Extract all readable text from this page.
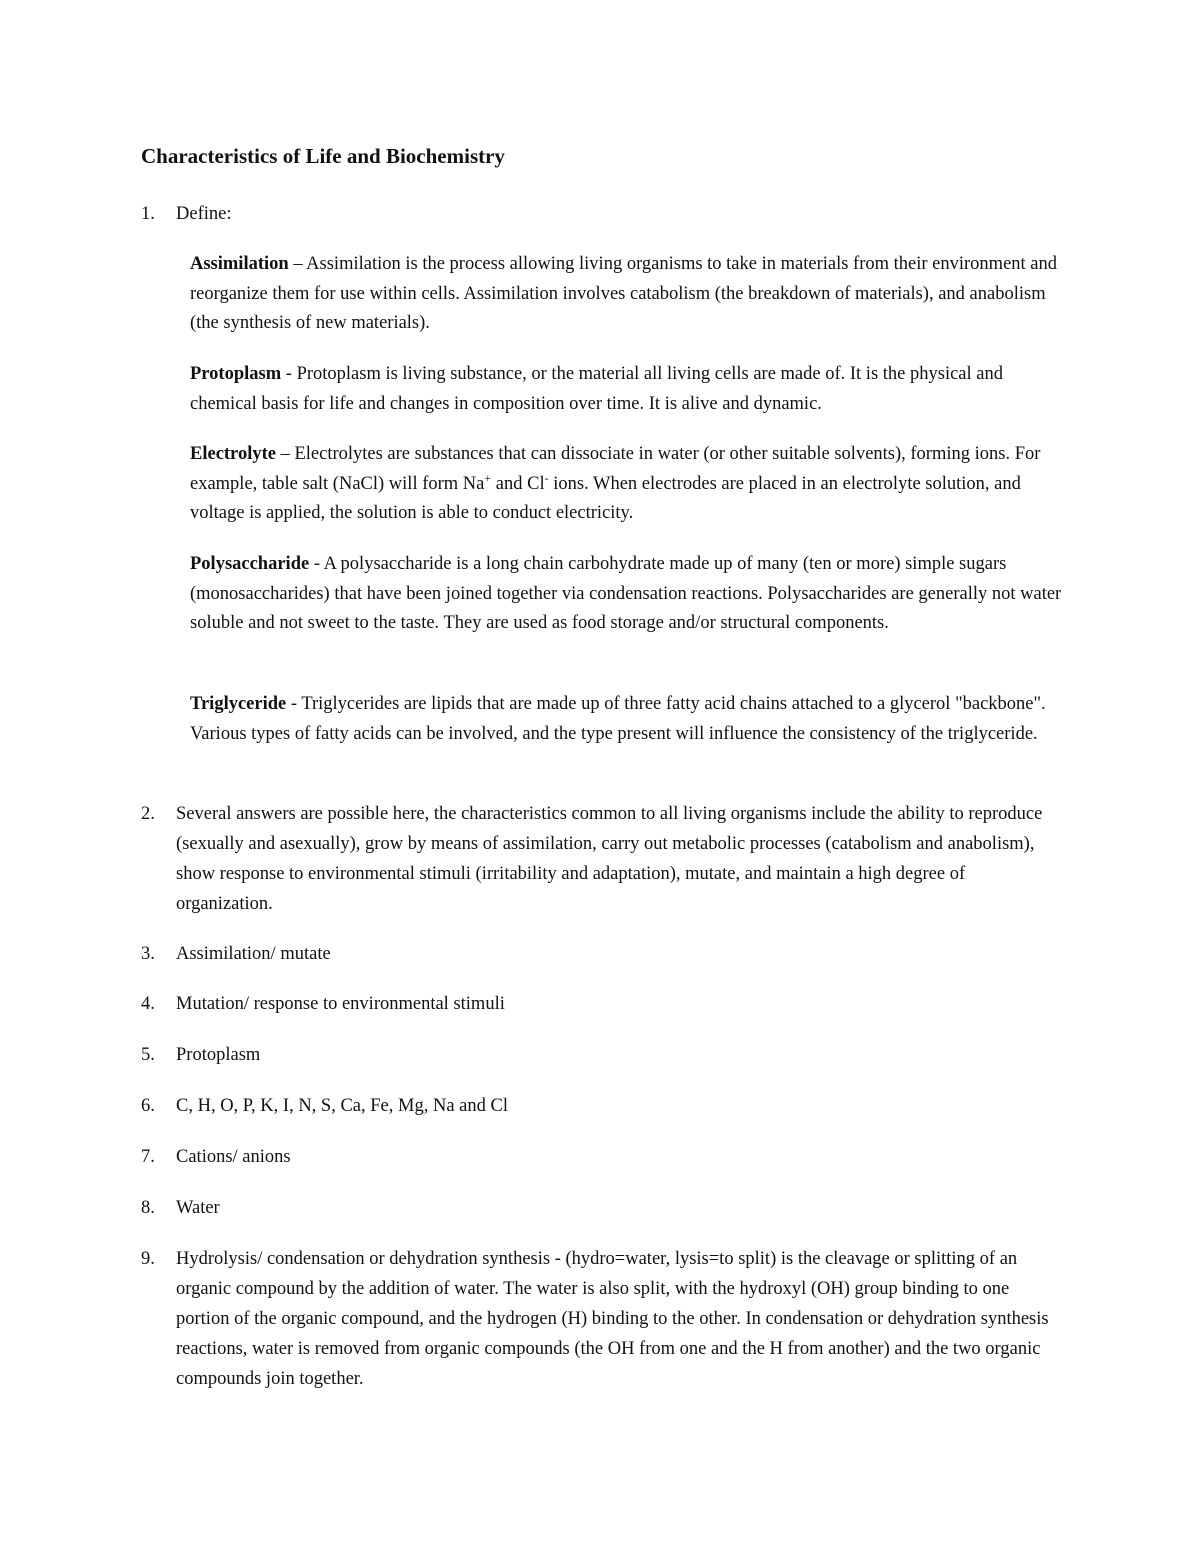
Characteristics of Life and Biochemistry
1.	Define:
Assimilation – Assimilation is the process allowing living organisms to take in materials from their environment and reorganize them for use within cells. Assimilation involves catabolism (the breakdown of materials), and anabolism (the synthesis of new materials).
Protoplasm - Protoplasm is living substance, or the material all living cells are made of. It is the physical and chemical basis for life and changes in composition over time. It is alive and dynamic.
Electrolyte – Electrolytes are substances that can dissociate in water (or other suitable solvents), forming ions. For example, table salt (NaCl) will form Na+ and Cl- ions. When electrodes are placed in an electrolyte solution, and voltage is applied, the solution is able to conduct electricity.
Polysaccharide - A polysaccharide is a long chain carbohydrate made up of many (ten or more) simple sugars (monosaccharides) that have been joined together via condensation reactions. Polysaccharides are generally not water soluble and not sweet to the taste. They are used as food storage and/or structural components.
Triglyceride - Triglycerides are lipids that are made up of three fatty acid chains attached to a glycerol "backbone". Various types of fatty acids can be involved, and the type present will influence the consistency of the triglyceride.
2.	Several answers are possible here, the characteristics common to all living organisms include the ability to reproduce (sexually and asexually), grow by means of assimilation, carry out metabolic processes (catabolism and anabolism), show response to environmental stimuli (irritability and adaptation), mutate, and maintain a high degree of organization.
3.	Assimilation/ mutate
4.	Mutation/ response to environmental stimuli
5.	Protoplasm
6.	C, H, O, P, K, I, N, S, Ca, Fe, Mg, Na and Cl
7.	Cations/ anions
8.	Water
9.	Hydrolysis/ condensation or dehydration synthesis - (hydro=water, lysis=to split) is the cleavage or splitting of an organic compound by the addition of water. The water is also split, with the hydroxyl (OH) group binding to one portion of the organic compound, and the hydrogen (H) binding to the other. In condensation or dehydration synthesis reactions, water is removed from organic compounds (the OH from one and the H from another) and the two organic compounds join together.
